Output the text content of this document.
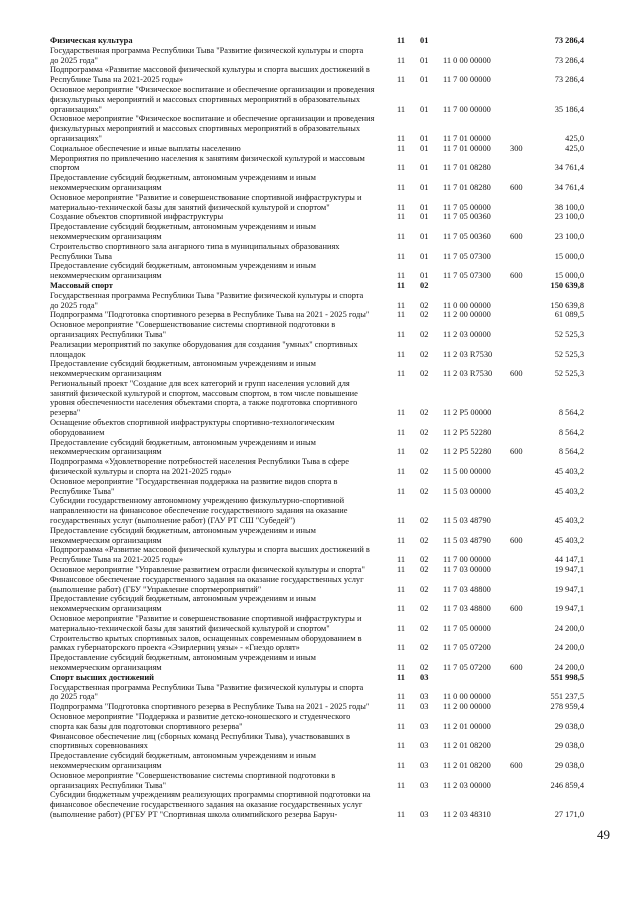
Физическая культура	11	01	73 286,4
Государственная программа Республики Тыва "Развитие физической культуры и спорта
до 2025 года"	11	01	11 0 00 00000	73 286,4
Подпрограмма «Развитие массовой физической культуры и спорта высших достижений в
Республике Тыва на 2021-2025 годы»	11	01	11 7 00 00000	73 286,4
Основное мероприятие "Физическое воспитание и обеспечение организации и проведения
физкультурных мероприятий и массовых спортивных мероприятий в образовательных
организациях"	11	01	11 7 00 00000	35 186,4
Основное мероприятие "Физическое воспитание и обеспечение организации и проведения
физкультурных мероприятий и массовых спортивных мероприятий в образовательных
организациях"	11	01	11 7 01 00000	425,0
Социальное обеспечение и иные выплаты населению	11	01	11 7 01 00000	300	425,0
Мероприятия по привлечению населения к занятиям физической культурой и массовым
спортом	11	01	11 7 01 08280	34 761,4
Предоставление субсидий бюджетным, автономным учреждениям и иным
некоммерческим организациям	11	01	11 7 01 08280	600	34 761,4
Основное мероприятие "Развитие и совершенствование спортивной инфраструктуры и
материально-технической базы для занятий физической культурой и спортом"	11	01	11 7 05 00000	38 100,0
Создание объектов спортивной инфраструктуры	11	01	11 7 05 00360	23 100,0
Предоставление субсидий бюджетным, автономным учреждениям и иным
некоммерческим организациям	11	01	11 7 05 00360	600	23 100,0
Строительство спортивного зала ангарного типа в муниципальных образованиях
Республики Тыва	11	01	11 7 05 07300	15 000,0
Предоставление субсидий бюджетным, автономным учреждениям и иным
некоммерческим организациям	11	01	11 7 05 07300	600	15 000,0
Массовый спорт	11	02	150 639,8
Государственная программа Республики Тыва "Развитие физической культуры и спорта
до 2025 года"	11	02	11 0 00 00000	150 639,8
Подпрограмма "Подготовка спортивного резерва в Республике Тыва на 2021 - 2025 годы"	11	02	11 2 00 00000	61 089,5
Основное мероприятие "Совершенствование системы спортивной подготовки в
организациях Республики Тыва"	11	02	11 2 03 00000	52 525,3
Реализации мероприятий по закупке оборудования для создания "умных" спортивных
площадок	11	02	11 2 03 R7530	52 525,3
Предоставление субсидий бюджетным, автономным учреждениям и иным
некоммерческим организациям	11	02	11 2 03 R7530	600	52 525,3
Региональный проект "Создание для всех категорий и групп населения условий для
занятий физической культурой и спортом, массовым спортом, в том числе повышение
уровня обеспеченности населения объектами спорта, а также подготовка спортивного
резерва"	11	02	11 2 P5 00000	8 564,2
Оснащение объектов спортивной инфраструктуры спортивно-технологическим
оборудованием	11	02	11 2 P5 52280	8 564,2
Предоставление субсидий бюджетным, автономным учреждениям и иным
некоммерческим организациям	11	02	11 2 P5 52280	600	8 564,2
Подпрограмма «Удовлетворение потребностей населения Республики Тыва в сфере
физической культуры и спорта на 2021-2025 годы»	11	02	11 5 00 00000	45 403,2
Основное мероприятие "Государственная поддержка на развитие видов спорта в
Республике Тыва"	11	02	11 5 03 00000	45 403,2
Субсидии государственному автономному учреждению физкультурно-спортивной
направленности на финансовое обеспечение государственного задания на оказание
государственных услуг (выполнение работ) (ГАУ РТ СШ "Субедей")	11	02	11 5 03 48790	45 403,2
Предоставление субсидий бюджетным, автономным учреждениям и иным
некоммерческим организациям	11	02	11 5 03 48790	600	45 403,2
Подпрограмма «Развитие массовой физической культуры и спорта высших достижений в
Республике Тыва на 2021-2025 годы»	11	02	11 7 00 00000	44 147,1
Основное мероприятие "Управление развитием отрасли физической культуры и спорта"	11	02	11 7 03 00000	19 947,1
Финансовое обеспечение государственного задания на оказание государственных услуг
(выполнение работ) (ГБУ "Управление спортмероприятий"	11	02	11 7 03 48800	19 947,1
Предоставление субсидий бюджетным, автономным учреждениям и иным
некоммерческим организациям	11	02	11 7 03 48800	600	19 947,1
Основное мероприятие "Развитие и совершенствование спортивной инфраструктуры и
материально-технической базы для занятий физической культурой и спортом"	11	02	11 7 05 00000	24 200,0
Строительство крытых спортивных залов, оснащенных современным оборудованием в
рамках губернаторского проекта «Эзирлерниң уязы» - «Гнездо орлят»	11	02	11 7 05 07200	24 200,0
Предоставление субсидий бюджетным, автономным учреждениям и иным
некоммерческим организациям	11	02	11 7 05 07200	600	24 200,0
Спорт высших достижений	11	03	551 998,5
Государственная программа Республики Тыва "Развитие физической культуры и спорта
до 2025 года"	11	03	11 0 00 00000	551 237,5
Подпрограмма "Подготовка спортивного резерва в Республике Тыва на 2021 - 2025 годы"	11	03	11 2 00 00000	278 959,4
Основное мероприятие "Поддержка и развитие детско-юношеского и студенческого
спорта как базы для подготовки спортивного резерва"	11	03	11 2 01 00000	29 038,0
Финансовое обеспечение лиц (сборных команд Республики Тыва), участвовавших в
спортивных соревнованиях	11	03	11 2 01 08200	29 038,0
Предоставление субсидий бюджетным, автономным учреждениям и иным
некоммерческим организациям	11	03	11 2 01 08200	600	29 038,0
Основное мероприятие "Совершенствование системы спортивной подготовки в
организациях Республики Тыва"	11	03	11 2 03 00000	246 859,4
Субсидии бюджетным учреждениям реализующих программы спортивной подготовки на
финансовое обеспечение государственного задания на оказание государственных услуг
(выполнение работ) (РГБУ РТ "Спортивная школа олимпийского резерва Барун-	11	03	11 2 03 48310	27 171,0
49
